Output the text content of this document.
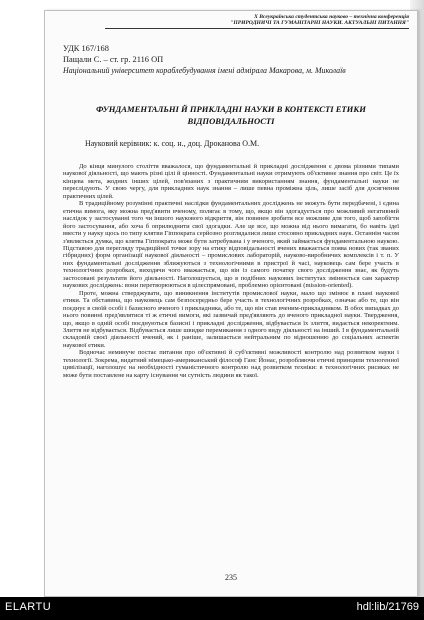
X Всеукраїнська студентська науково – технічна конференція
"ПРИРОДНИЧІ ТА ГУМАНІТАРНІ НАУКИ. АКТУАЛЬНІ ПИТАННЯ"
УДК 167/168
Пащали С. – ст. гр. 2116 ОП
Національний університет кораблебудування імені адмірала Макарова, м. Миколаїв
ФУНДАМЕНТАЛЬНІ Й ПРИКЛАДНІ НАУКИ В КОНТЕКСТІ ЕТИКИ ВІДПОВІДАЛЬНОСТІ
Науковий керівник: к. соц. н., доц. Дроканова О.М.

До кінця минулого століття вважалося, що фундаментальні й прикладні дослідження є двома різними типами наукової діяльності, що мають різні цілі й цінності. Фундаментальні науки отримують об'єктивне знання про світ. Це їх кінцева мета, жодних інших цілей, пов'язаних з практичним використанням знання, фундаментальні науки не переслідують. У свою чергу, для прикладних наук знання – лише певна проміжна ціль, лише засіб для досягнення практичних цілей.

В традиційному розумінні практичні наслідки фундаментальних досліджень не можуть бути передбачені, і єдина етична вимога, яку можна пред'явити вченому, полягає в тому, що, якщо він здогадується про можливий негативний наслідок у застосуванні того чи іншого наукового відкриття, він повинен зробити все можливе для того, щоб запобігти його застосування, або хоча б оприлюднити свої здогадки. Але це все, що можна від нього вимагати, бо навіть ідеї ввести у науку щось по типу клятви Гіппократа серйозно розглядалися лише стосовно прикладних наук. Останнім часом з'являється думка, що клятва Гіппократа може бути затребувана і у вченого, який займається фундаментальною наукою. Підставою для перегляду традиційної точки зору на етику відповідальності вчених вважається поява нових (так званих гібридних) форм організації наукової діяльності – промислових лабораторій, науково-виробничих комплексів і т. п. У них фундаментальні дослідження зближуються з технологічними в пристрої й часі, науковець сам бере участь в технологічних розробках, виходячи чого вважається, що він із самого початку свого дослідження знає, як будуть застосовані результати його діяльності. Наголошується, що в подібних наукових інститутах змінюється сам характер наукових досліджень: вони перетворюються в цілеспрямовані, проблемно орієнтовані (mission-oriented).

Проте, можна стверджувати, що виникнення інститутів промислової науки, мало що змінює в плані наукової етики. Та обставина, що науковець сам безпосередньо бере участь в технологічних розробках, означає або те, що він поєднує в своїй особі і базисного вченого і прикладника, або те, що він став вченим-прикладником. В обох випадках до нього повинні пред'являтися ті ж етичні вимоги, які зазвичай пред'являють до вченого прикладної науки. Твердження, що, якщо в одній особі поєднуються базисні і прикладні дослідження, відбувається їх злиття, видається некоректним. Злиття не відбувається. Відбувається лише швидке перемикання з одного виду діяльності на інший. І в фундаментальній складовій своєї діяльності вчений, як і раніше, залишається нейтральним по відношенню до соціальних аспектів наукової етики.

Водночас неминуче постає питання про об'єктивні й суб'єктивні можливості контролю над розвитком науки і технології. Зокрема, видатний німецько-американський філософ Ганс Йонас, розробляючи етичні принципи техногенної цивілізації, наголошує на необхідності гуманістичного контролю над розвитком техніки: в технологічних рисиках не може бути поставлене на карту існування чи сутність людини як такої.

235
ELARTU	hdl:lib/21769
